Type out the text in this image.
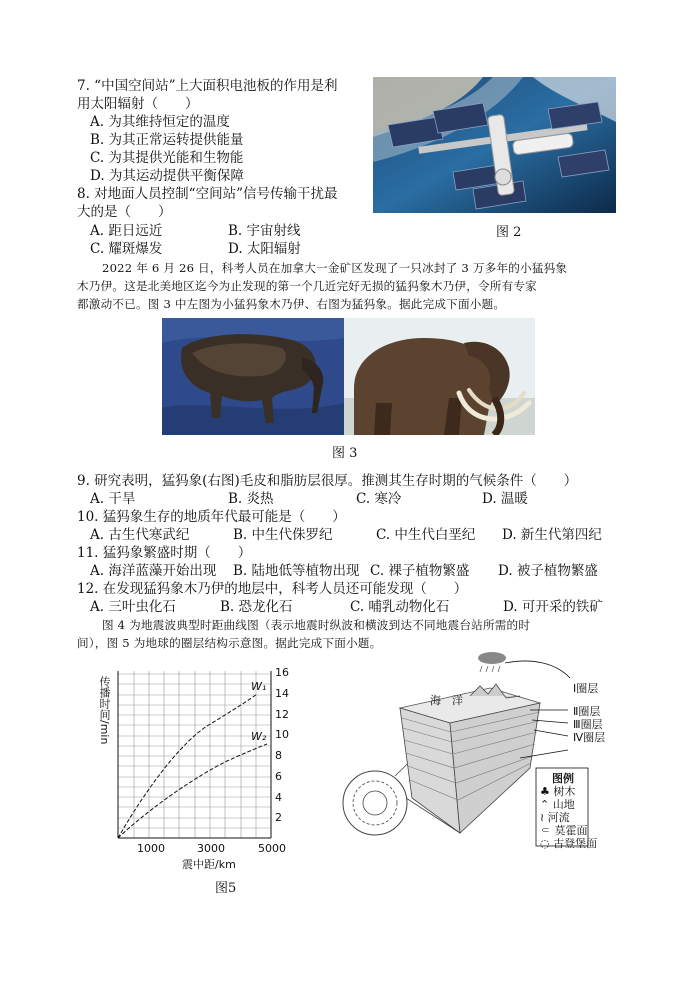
7. “中国空间站”上大面积电池板的作用是利
用太阳辐射（　　）
A. 为其维持恒定的温度
B. 为其正常运转提供能量
C. 为其提供光能和生物能
D. 为其运动提供平衡保障
8. 对地面人员控制“空间站”信号传输干扰最
大的是（　　）
A. 距日远近	B. 宇宙射线
C. 耀斑爆发	D. 太阳辐射
图 2
2022 年 6 月 26 日，科考人员在加拿大一金矿区发现了一只冰封了 3 万多年的小猛犸象
木乃伊。这是北美地区迄今为止发现的第一个几近完好无损的猛犸象木乃伊，令所有专家
都激动不已。图 3 中左图为小猛犸象木乃伊、右图为猛犸象。据此完成下面小题。
图 3
9. 研究表明，猛犸象(右图)毛皮和脂肪层很厚。推测其生存时期的气候条件（　　）
A. 干旱	B. 炎热	C. 寒冷	D. 温暖
10. 猛犸象生存的地质年代最可能是（　　）
A. 古生代寒武纪	B. 中生代侏罗纪	C. 中生代白垩纪 D. 新生代第四纪
11. 猛犸象繁盛时期（　　）
A. 海洋蓝藻开始出现 B. 陆地低等植物出现 C. 裸子植物繁盛 D. 被子植物繁盛
12. 在发现猛犸象木乃伊的地层中，科考人员还可能发现（　　）
A. 三叶虫化石	B. 恐龙化石	C. 哺乳动物化石	D. 可开采的铁矿
图 4 为地震波典型时距曲线图（表示地震时纵波和横波到达不同地震台站所需的时
间），图 5 为地球的圈层结构示意图。据此完成下面小题。
W₁
W₂
16
14
12
10
8
6
4
2
1000	3000	5000
震中距/km
传播时间/min
图5
海　洋
Ⅰ圈层
Ⅱ圈层
Ⅲ圈层
Ⅳ圈层
图例
♣ 树木
⌃ 山地
≀ 河流
⸦ 莫霍面
◌ 古登堡面
